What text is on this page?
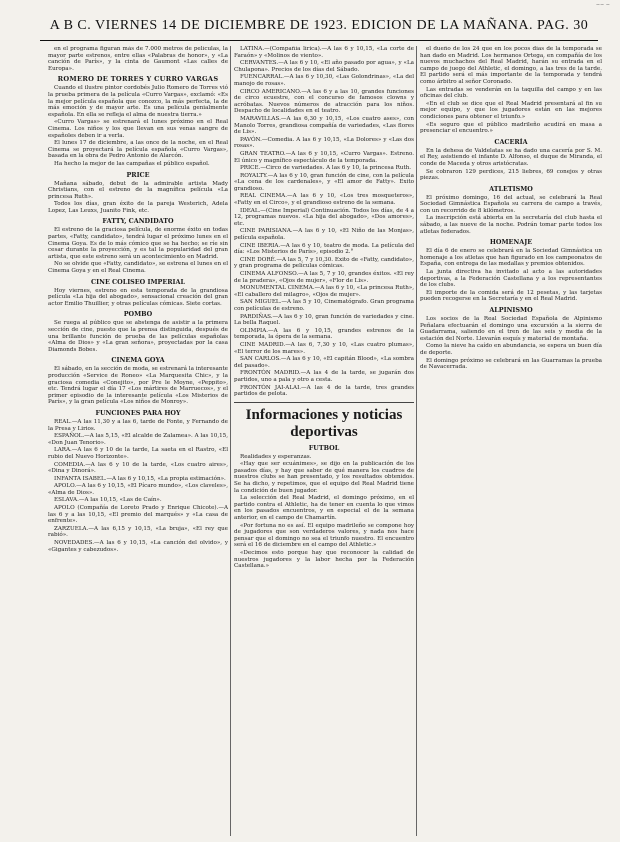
~~ ~
A B C. VIERNES 14 DE DICIEMBRE DE 1923. EDICION DE LA MAÑANA. PAG. 30

en el programa figuran más de 7.000 metros de películas, la mayor parte estrenos, entre ellas «Palabras de honor», y «La canción de París», y la cinta de Gaumont «Las calles de Europa».

ROMERO DE TORRES Y CURRO VARGAS

Cuando el ilustre pintor cordobés Julio Romero de Torres vió la prueba primera de la película «Curro Vargas», exclamó: «Es la mejor película española que conozco, la más perfecta, la de más emoción y de mayor arte. Es una película genialmente española. En ella se refleja el alma de nuestra tierra.»

«Curro Vargas» se estrenará el lunes próximo en el Real Cinema. Los niños y los que llevan en sus venas sangre de españoles deben ir a verla.

El lunes 17 de diciembre, a las once de la noche, en el Real Cinema se proyectará la película española «Curro Vargas», basada en la obra de Pedro Antonio de Alarcón.

Ha hecho la mejor de las campañas el público español.

PRICE

Mañana sábado, debut de la admirable artista Mady Christians, con el estreno de la magnífica película «La princesa Ruth».

Todos los días, gran éxito de la pareja Westerich, Adela Lopez, Las Leuxs, Juanito Fink, etc.

FATTY, CANDIDATO

El estreno de la graciosa película, de enorme éxito en todas partes, «Fatty, candidato», tendrá lugar el próximo lunes en el Cinema Goya. Es de lo más cómico que se ha hecho; se ríe sin cesar durante la proyección, y es tal la popularidad del gran artista, que este estreno será un acontecimiento en Madrid.

No se olvide que «Fatty, candidato», se estrena el lunes en el Cinema Goya y en el Real Cinema.

CINE COLISEO IMPERIAL

Hoy viernes, estreno en esta temporada de la grandiosa película «La hija del abogado», sensacional creación del gran actor Emilio Thuillier, y otras películas cómicas. Siete cortas.

POMBO

Se ruega al público que se abstenga de asistir a la primera sección de cine, puesto que la prensa distinguida, después de una brillante función de prueba de las películas españolas «Alma de Dios» y «La gran señora», proyectadas por la casa Diamonds Bobes.

CINEMA GOYA

El sábado, en la sección de moda, se estrenará la interesante producción «Service de Roneo» «La Marquesita Chic», y la graciosa comedia «Conejito», por Pre le Moyne, «Peppito», etc. Tendrá lugar el día 17 «Los mártires de Marruecos», y el primer episodio de la interesante película «Los Misterios de París», y la gran película «Los niños de Monroy».

FUNCIONES PARA HOY

REAL.—A las 11,30 y a las 6, tarde de Fonte, y Fernando de la Presa y Lirios.

ESPAÑOL.—A las 5,15, «El alcalde de Zalamea». A las 10,15, «Don Juan Tenorio».

LARA.—A las 6 y 10 de la tarde, La saeta en el Rastro, «El rubio del Nuevo Horizonte».

COMEDIA.—A las 6 y 10 de la tarde, «Los cuatro aires», «Dina y Dinorá».

INFANTA ISABEL.—A las 6 y 10,15, «La propia estimación».

APOLO.—A las 6 y 10,15, «El Pícaro mundo», «Los claveles», «Alma de Dios».

ESLAVA.—A las 10,15, «Las de Caín».

APOLO (Compañía de Loreto Prado y Enrique Chicote).—A las 6 y a las 10,15, «El premio del marqués» y «La casa de enfrente».

ZARZUELA.—A las 6,15 y 10,15, «La bruja», «El rey que rabió».

NOVEDADES.—A las 6 y 10,15, «La canción del olvido», y «Gigantes y cabezudos».

LATINA.—(Compañía lírica).—A las 6 y 10,15, «La corte de Faraón» y «Molinos de viento».

CERVANTES.—A las 6 y 10, «El año pasado por agua», y «La Chulapona». Precios de los días del Sábado.

FUENCARRAL.—A las 6 y 10,30, «Las Golondrinas», «La del manojo de rosas».

CIRCO AMERICANO.—A las 6 y a las 10, grandes funciones de circo ecuestre, con el concurso de famosos clowns y acróbatas. Nuevos números de atracción para los niños. Despacho de localidades en el teatro.

MARAVILLAS.—A las 6,30 y 10,15, «Los cuatro ases», con Manolo Torres, grandiosa compañía de variedades, «Las flores de Lis».

PAVÓN.—Comedia. A las 6 y 10,15, «La Dolores» y «Las dos rosas».

GRAN TEATRO.—A las 6 y 10,15, «Curro Vargas». Estreno. El único y magnífico espectáculo de la temporada.

PRICE.—Circo de variedades. A las 6 y 10, la princesa Ruth.

ROYALTY.—A las 6 y 10, gran función de cine, con la película «La cena de los cardenales», y «El amor de Fatty». Exito grandioso.

REAL CINEMA.—A las 6 y 10, «Los tres mosqueteros», «Fatty en el Circo», y el grandioso estreno de la semana.

IDEAL.—(Cine Imperial) Continuación. Todos los días, de 4 a 12, programas nuevos. «La hija del abogado», «Dos amores», etc.

CINE PARISIANA.—A las 6 y 10, «El Niño de las Monjas», película española.

CINE IBERIA.—A las 6 y 10, teatro de moda. La película del día: «Los Misterios de París», episodio 2.°

CINE DORÉ.—A las 5, 7 y 10,30. Exito de «Fatty, candidato», y gran programa de películas cómicas.

CINEMA ALFONSO.—A las 5, 7 y 10, grandes éxitos. «El rey de la pradera», «Ojos de mujer», «Flor de Lis».

MONUMENTAL CINEMA.—A las 6 y 10, «La princesa Ruth», «El caballero del milagro», «Ojos de mujer».

SAN MIGUEL.—A las 5 y 10, Cinematógrafo. Gran programa con películas de estreno.

PARDIÑAS.—A las 6 y 10, gran función de variedades y cine. La bella Raquel.

OLIMPIA.—A las 6 y 10,15, grandes estrenos de la temporada, la ópera de la semana.

CINE MADRID.—A las 6, 7,30 y 10, «Las cuatro plumas», «El terror de los mares».

SAN CARLOS.—A las 6 y 10, «El capitán Blood», «La sombra del pasado».

FRONTÓN MADRID.—A las 4 de la tarde, se jugarán dos partidos, uno a pala y otro a cesta.

FRONTÓN JAI-ALAI.—A las 4 de la tarde, tres grandes partidos de pelota.

Informaciones y noticias deportivas
FUTBOL

Realidades y esperanzas.

«Hay que ser ecuánimes», se dijo en la publicación de los pasados días, y hay que saber de qué manera los cuadros de nuestros clubs se han presentado, y los resultados obtenidos. Se ha dicho, y repetimos, que el equipo del Real Madrid tiene la condición de buen jugador.

La selección del Real Madrid, el domingo próximo, en el partido contra el Athletic, ha de tener en cuenta lo que vimos en los pasados encuentros, y en especial el de la semana anterior, en el campo de Chamartín.

«Por fortuna no es así. El equipo madrileño se compone hoy de jugadores que son verdaderos valores, y nada nos hace pensar que el domingo no sea el triunfo nuestro. El encuentro será el 16 de diciembre en el campo del Athletic.»

«Decimos esto porque hay que reconocer la calidad de nuestros jugadores y la labor hecha por la Federación Castellana.»

el dueño de los 24 que en los pocos días de la temporada se han dado en Madrid. Los hermanos Ortega, en compañía de los nuevos muchachos del Real Madrid, harán su entrada en el campo de juego del Athletic, el domingo, a las tres de la tarde. El partido será el más importante de la temporada y tendrá como árbitro al señor Coronado.

Las entradas se venderán en la taquilla del campo y en las oficinas del club.

«En el club se dice que el Real Madrid presentará al fin su mejor equipo, y que los jugadores están en las mejores condiciones para obtener el triunfo.»

«Es seguro que el público madrileño acudirá en masa a presenciar el encuentro.»

CACERÍA

En la dehesa de Valdelatas se ha dado una cacería por S. M. el Rey, asistiendo el infante D. Alfonso, el duque de Miranda, el conde de Maceda y otros aristócratas.

Se cobraron 129 perdices, 215 liebres, 69 conejos y otras piezas.

ATLETISMO

El próximo domingo, 16 del actual, se celebrará la Real Sociedad Gimnástica Española su carrera de campo a través, con un recorrido de 8 kilómetros.

La inscripción está abierta en la secretaría del club hasta el sábado, a las nueve de la noche. Podrán tomar parte todos los atletas federados.

HOMENAJE

El día 6 de enero se celebrará en la Sociedad Gimnástica un homenaje a los atletas que han figurado en los campeonatos de España, con entrega de las medallas y premios obtenidos.

La junta directiva ha invitado al acto a las autoridades deportivas, a la Federación Castellana y a los representantes de los clubs.

El importe de la comida será de 12 pesetas, y las tarjetas pueden recogerse en la Secretaría y en el Real Madrid.

ALPINISMO

Los socios de la Real Sociedad Española de Alpinismo Peñalara efectuarán el domingo una excursión a la sierra de Guadarrama, saliendo en el tren de las seis y media de la estación del Norte. Llevarán esquís y material de montaña.

Como la nieve ha caído en abundancia, se espera un buen día de deporte.

El domingo próximo se celebrará en las Guarramas la prueba de Navacerrada.
